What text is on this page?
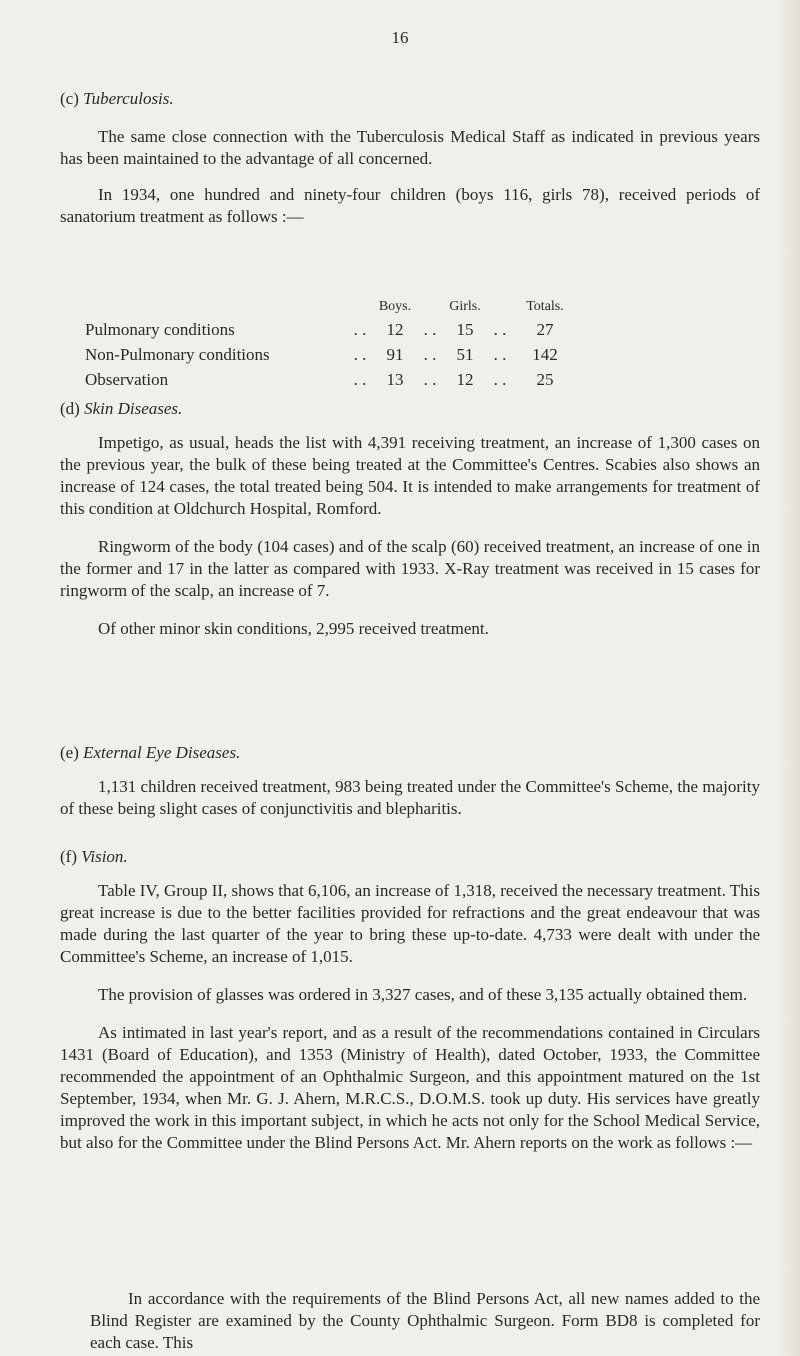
16
(c) Tuberculosis.

The same close connection with the Tuberculosis Medical Staff as indicated in previous years has been maintained to the advantage of all concerned.

In 1934, one hundred and ninety-four children (boys 116, girls 78), received periods of sanatorium treatment as follows :—

		Boys.		Girls.		Totals.
Pulmonary conditions	. .	12	. .	15	. .	27
Non-Pulmonary conditions	. .	91	. .	51	. .	142
Observation	. .	13	. .	12	. .	25
(d) Skin Diseases.

Impetigo, as usual, heads the list with 4,391 receiving treatment, an increase of 1,300 cases on the previous year, the bulk of these being treated at the Committee's Centres. Scabies also shows an increase of 124 cases, the total treated being 504. It is intended to make arrangements for treatment of this condition at Oldchurch Hospital, Romford.

Ringworm of the body (104 cases) and of the scalp (60) received treatment, an increase of one in the former and 17 in the latter as compared with 1933. X-Ray treatment was received in 15 cases for ringworm of the scalp, an increase of 7.

Of other minor skin conditions, 2,995 received treatment.

(e) External Eye Diseases.

1,131 children received treatment, 983 being treated under the Committee's Scheme, the majority of these being slight cases of conjunctivitis and blepharitis.

(f) Vision.

Table IV, Group II, shows that 6,106, an increase of 1,318, received the necessary treatment. This great increase is due to the better facilities provided for refractions and the great endeavour that was made during the last quarter of the year to bring these up-to-date. 4,733 were dealt with under the Committee's Scheme, an increase of 1,015.

The provision of glasses was ordered in 3,327 cases, and of these 3,135 actually obtained them.

As intimated in last year's report, and as a result of the recommendations contained in Circulars 1431 (Board of Education), and 1353 (Ministry of Health), dated October, 1933, the Committee recommended the appointment of an Ophthalmic Surgeon, and this appointment matured on the 1st September, 1934, when Mr. G. J. Ahern, M.R.C.S., D.O.M.S. took up duty. His services have greatly improved the work in this important subject, in which he acts not only for the School Medical Service, but also for the Committee under the Blind Persons Act. Mr. Ahern reports on the work as follows :—

In accordance with the requirements of the Blind Persons Act, all new names added to the Blind Register are examined by the County Ophthalmic Surgeon. Form BD8 is completed for each case. This
